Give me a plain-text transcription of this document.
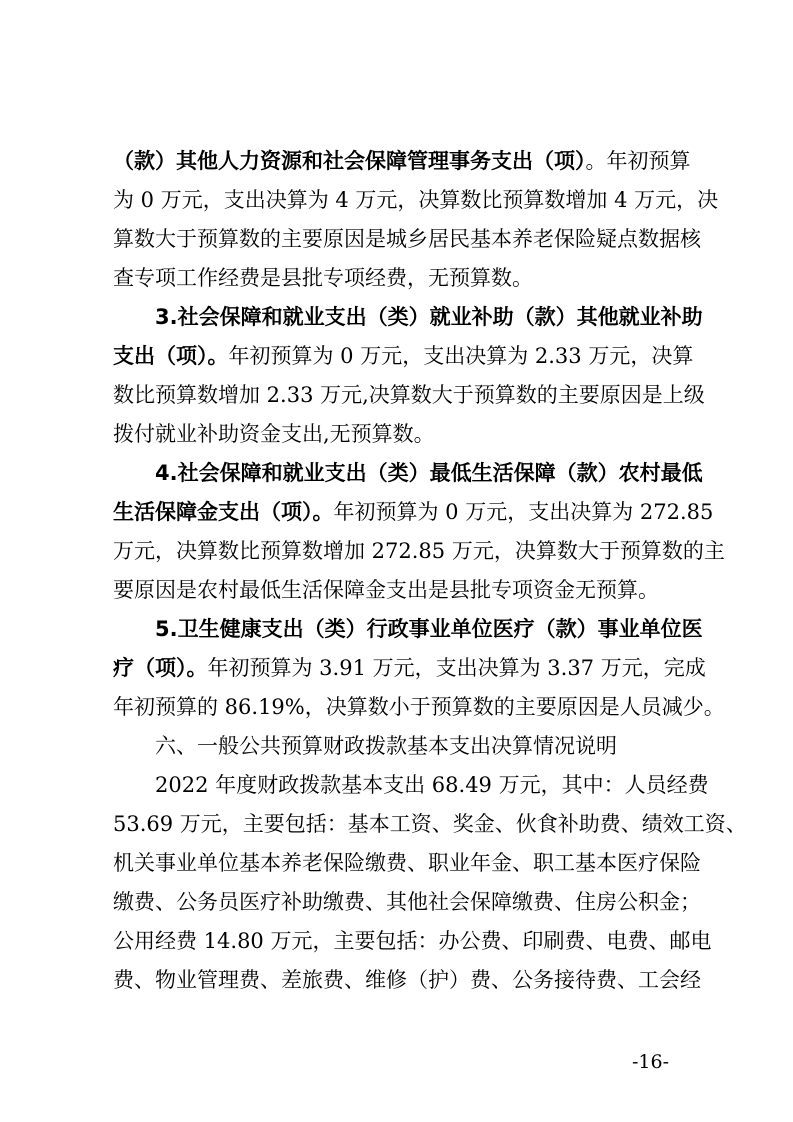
（款）其他人力资源和社会保障管理事务支出（项）。年初预算
为 0 万元，支出决算为 4 万元，决算数比预算数增加 4 万元，决
算数大于预算数的主要原因是城乡居民基本养老保险疑点数据核
查专项工作经费是县批专项经费，无预算数。
3.社会保障和就业支出（类）就业补助（款）其他就业补助
支出（项）。年初预算为 0 万元，支出决算为 2.33 万元，决算
数比预算数增加 2.33 万元,决算数大于预算数的主要原因是上级
拨付就业补助资金支出,无预算数。
4.社会保障和就业支出（类）最低生活保障（款）农村最低
生活保障金支出（项）。年初预算为 0 万元，支出决算为 272.85
万元，决算数比预算数增加 272.85 万元，决算数大于预算数的主
要原因是农村最低生活保障金支出是县批专项资金无预算。
5.卫生健康支出（类）行政事业单位医疗（款）事业单位医
疗（项）。年初预算为 3.91 万元，支出决算为 3.37 万元，完成
年初预算的 86.19%，决算数小于预算数的主要原因是人员减少。
六、一般公共预算财政拨款基本支出决算情况说明
2022 年度财政拨款基本支出 68.49 万元，其中：人员经费
53.69 万元，主要包括：基本工资、奖金、伙食补助费、绩效工资、
机关事业单位基本养老保险缴费、职业年金、职工基本医疗保险
缴费、公务员医疗补助缴费、其他社会保障缴费、住房公积金；
公用经费 14.80 万元，主要包括：办公费、印刷费、电费、邮电
费、物业管理费、差旅费、维修（护）费、公务接待费、工会经
-16-
